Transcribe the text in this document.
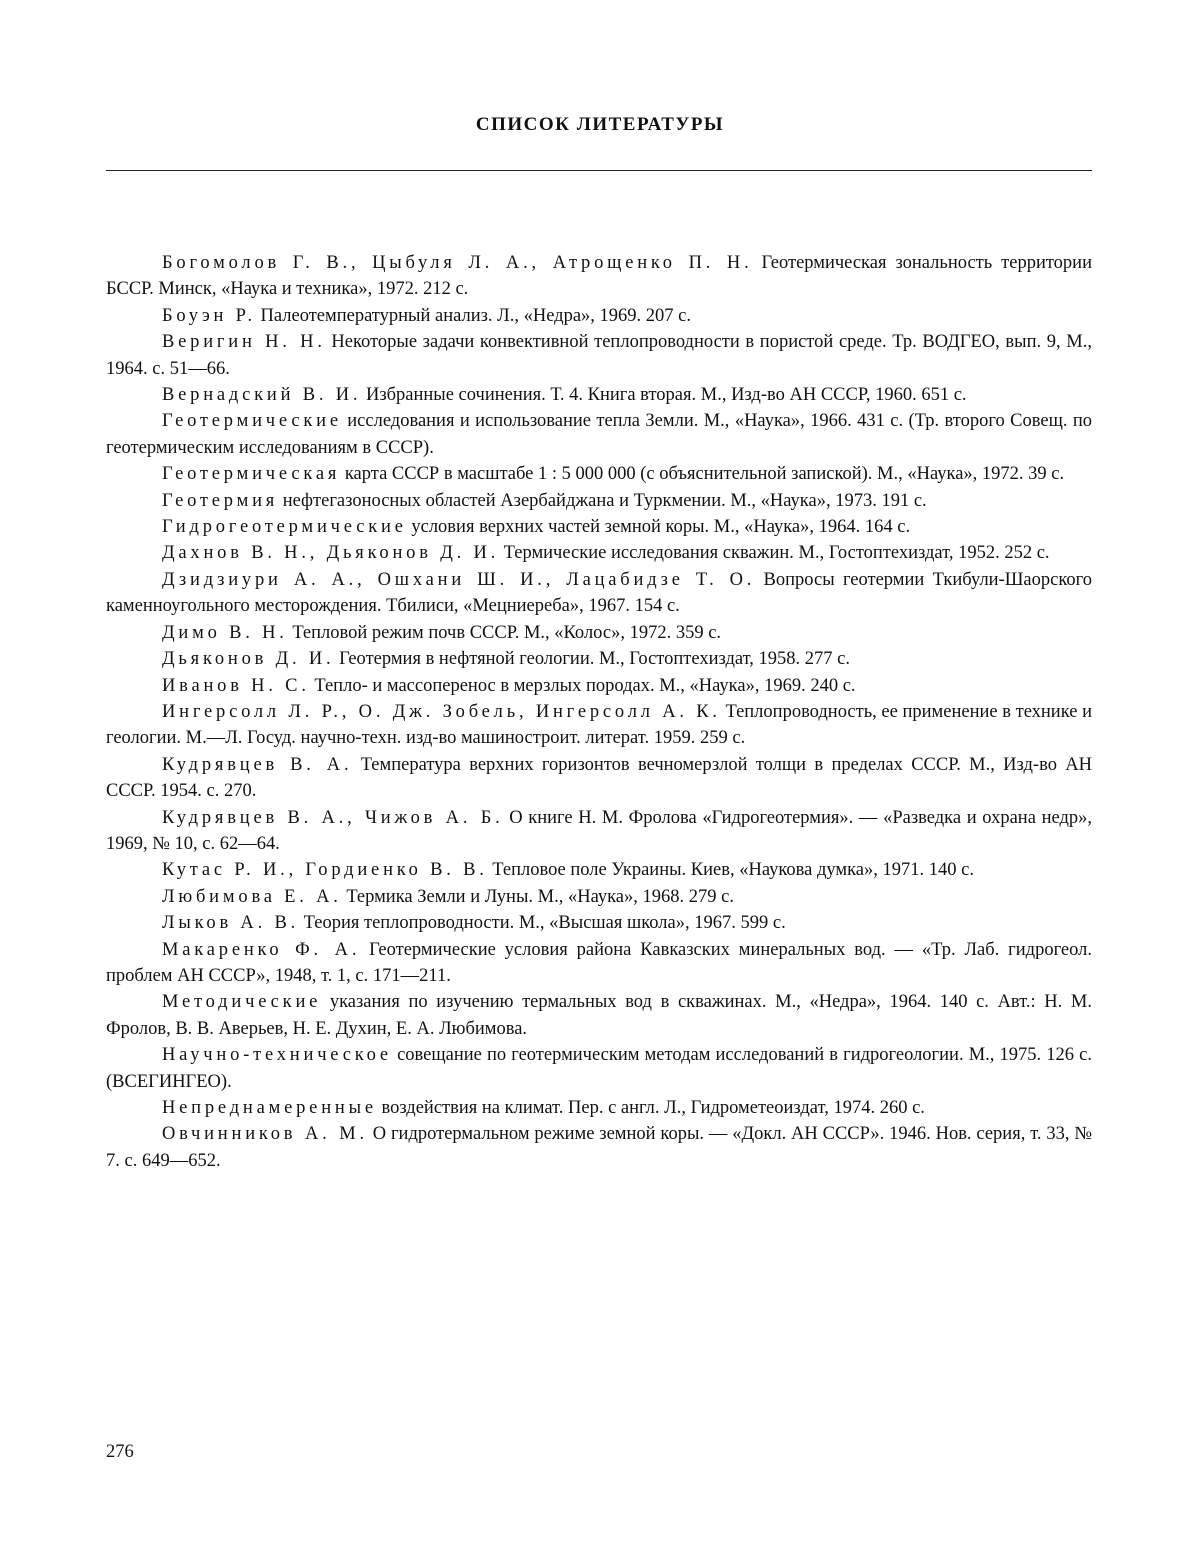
СПИСОК ЛИТЕРАТУРЫ

Богомолов Г. В., Цыбуля Л. А., Атрощенко П. Н. Геотермическая зональность территории БССР. Минск, «Наука и техника», 1972. 212 с.

Боуэн Р. Палеотемпературный анализ. Л., «Недра», 1969. 207 с.

Веригин Н. Н. Некоторые задачи конвективной теплопроводности в пористой среде. Тр. ВОДГЕО, вып. 9, М., 1964. с. 51—66.

Вернадский В. И. Избранные сочинения. Т. 4. Книга вторая. М., Изд-во АН СССР, 1960. 651 с.

Геотермические исследования и использование тепла Земли. М., «Наука», 1966. 431 с. (Тр. второго Совещ. по геотермическим исследованиям в СССР).

Геотермическая карта СССР в масштабе 1 : 5 000 000 (с объяснительной запиской). М., «Наука», 1972. 39 с.

Геотермия нефтегазоносных областей Азербайджана и Туркмении. М., «Наука», 1973. 191 с.

Гидрогеотермические условия верхних частей земной коры. М., «Наука», 1964. 164 с.

Дахнов В. Н., Дьяконов Д. И. Термические исследования скважин. М., Гостоптехиздат, 1952. 252 с.

Дзидзиури А. А., Ошхани Ш. И., Лацабидзе Т. О. Вопросы геотермии Ткибули-Шаорского каменноугольного месторождения. Тбилиси, «Мецниереба», 1967. 154 с.

Димо В. Н. Тепловой режим почв СССР. М., «Колос», 1972. 359 с.

Дьяконов Д. И. Геотермия в нефтяной геологии. М., Гостоптехиздат, 1958. 277 с.

Иванов Н. С. Тепло- и массоперенос в мерзлых породах. М., «Наука», 1969. 240 с.

Ингерсолл Л. Р., О. Дж. Зобель, Ингерсолл А. К. Теплопроводность, ее применение в технике и геологии. М.—Л. Госуд. научно-техн. изд-во машиностроит. литерат. 1959. 259 с.

Кудрявцев В. А. Температура верхних горизонтов вечномерзлой толщи в пределах СССР. М., Изд-во АН СССР. 1954. с. 270.

Кудрявцев В. А., Чижов А. Б. О книге Н. М. Фролова «Гидрогеотермия». — «Разведка и охрана недр», 1969, № 10, с. 62—64.

Кутас Р. И., Гордиенко В. В. Тепловое поле Украины. Киев, «Наукова думка», 1971. 140 с.

Любимова Е. А. Термика Земли и Луны. М., «Наука», 1968. 279 с.

Лыков А. В. Теория теплопроводности. М., «Высшая школа», 1967. 599 с.

Макаренко Ф. А. Геотермические условия района Кавказских минеральных вод. — «Тр. Лаб. гидрогеол. проблем АН СССР», 1948, т. 1, с. 171—211.

Методические указания по изучению термальных вод в скважинах. М., «Недра», 1964. 140 с. Авт.: Н. М. Фролов, В. В. Аверьев, Н. Е. Духин, Е. А. Любимова.

Научно-техническое совещание по геотермическим методам исследований в гидрогеологии. М., 1975. 126 с. (ВСЕГИНГЕО).

Непреднамеренные воздействия на климат. Пер. с англ. Л., Гидрометеоиздат, 1974. 260 с.

Овчинников А. М. О гидротермальном режиме земной коры. — «Докл. АН СССР». 1946. Нов. серия, т. 33, № 7. с. 649—652.

276
